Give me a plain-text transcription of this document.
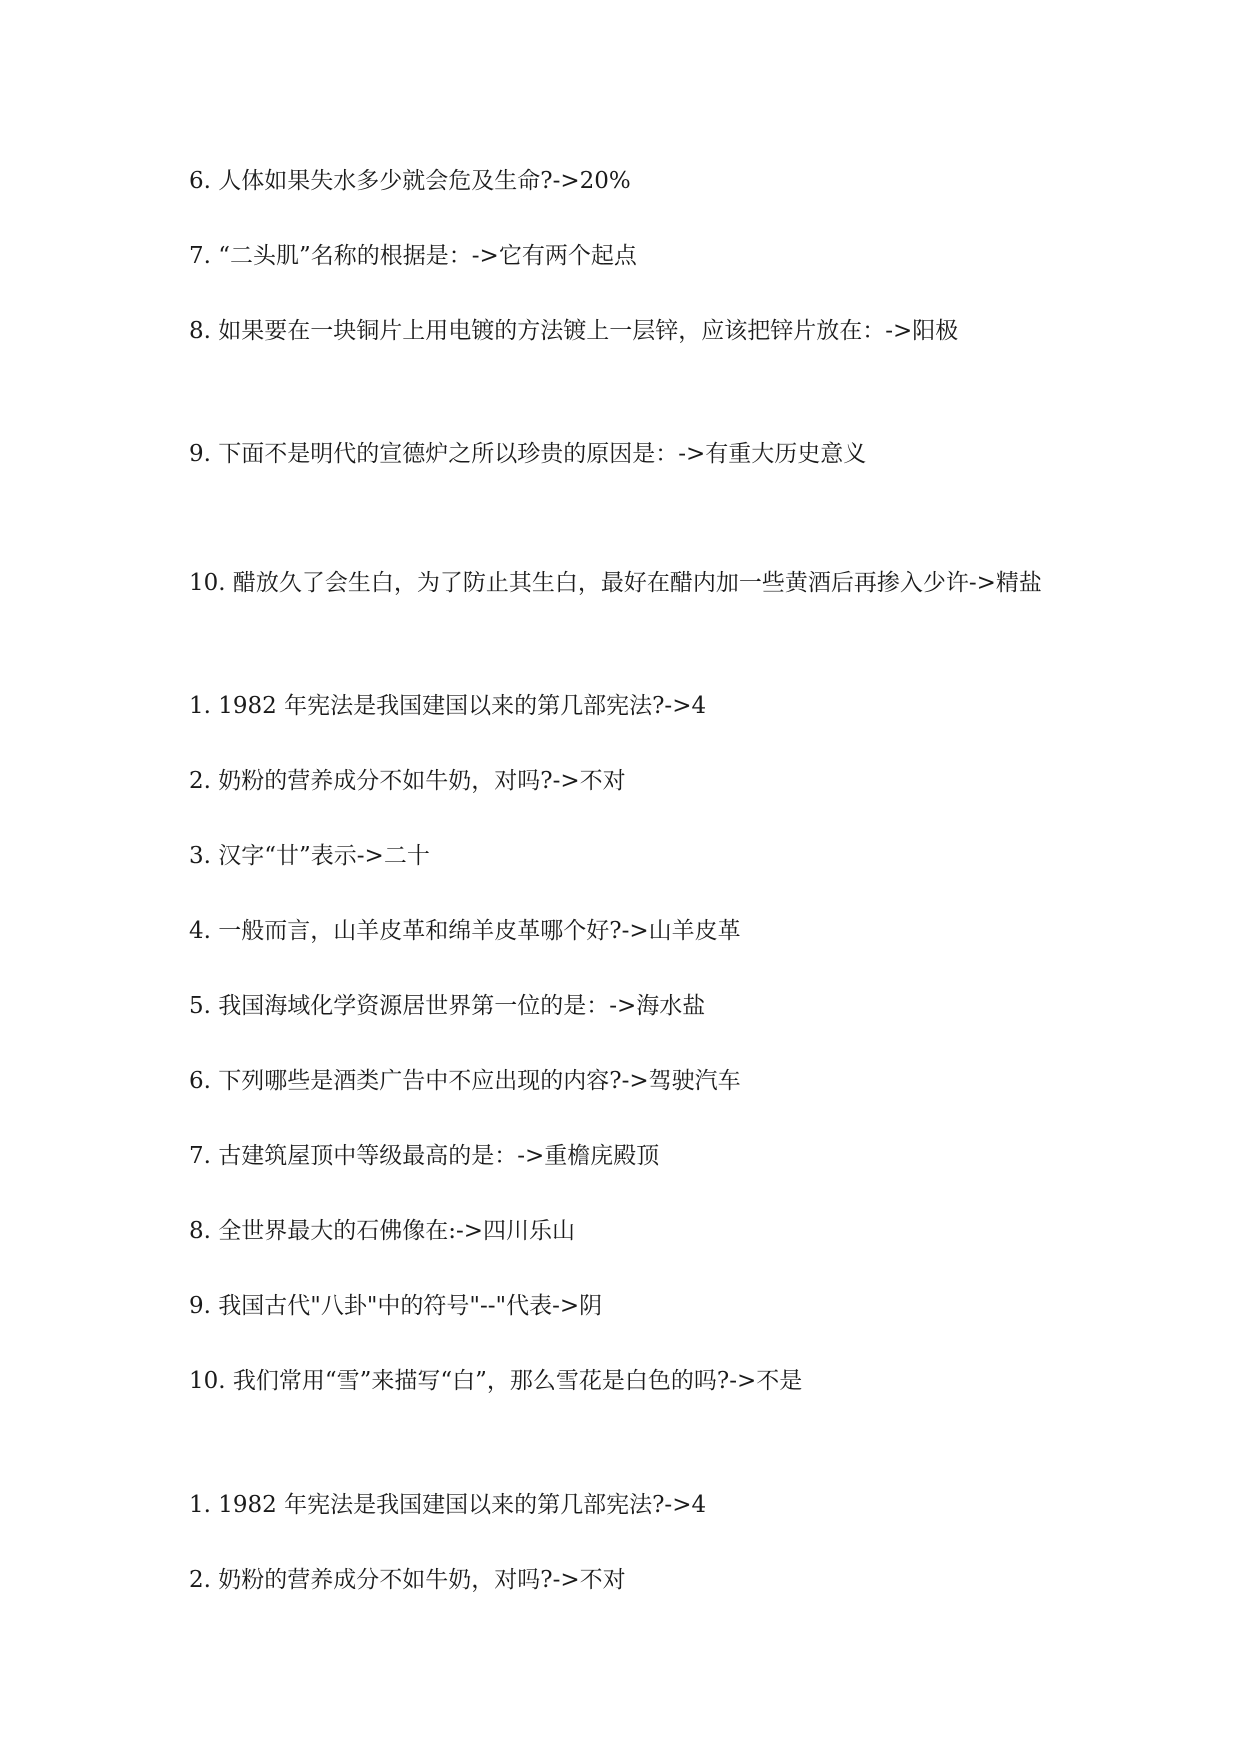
6. 人体如果失水多少就会危及生命?->20%
7. “二头肌”名称的根据是：->它有两个起点
8. 如果要在一块铜片上用电镀的方法镀上一层锌，应该把锌片放在：->阳极
9. 下面不是明代的宣德炉之所以珍贵的原因是：->有重大历史意义
10. 醋放久了会生白，为了防止其生白，最好在醋内加一些黄酒后再掺入少许->精盐
1. 1982 年宪法是我国建国以来的第几部宪法?->4
2. 奶粉的营养成分不如牛奶，对吗?->不对
3. 汉字“廿”表示->二十
4. 一般而言，山羊皮革和绵羊皮革哪个好?->山羊皮革
5. 我国海域化学资源居世界第一位的是：->海水盐
6. 下列哪些是酒类广告中不应出现的内容?->驾驶汽车
7. 古建筑屋顶中等级最高的是：->重檐庑殿顶
8. 全世界最大的石佛像在:->四川乐山
9. 我国古代"八卦"中的符号"--"代表->阴
10. 我们常用“雪”来描写“白”，那么雪花是白色的吗?->不是
1. 1982 年宪法是我国建国以来的第几部宪法?->4
2. 奶粉的营养成分不如牛奶，对吗?->不对
